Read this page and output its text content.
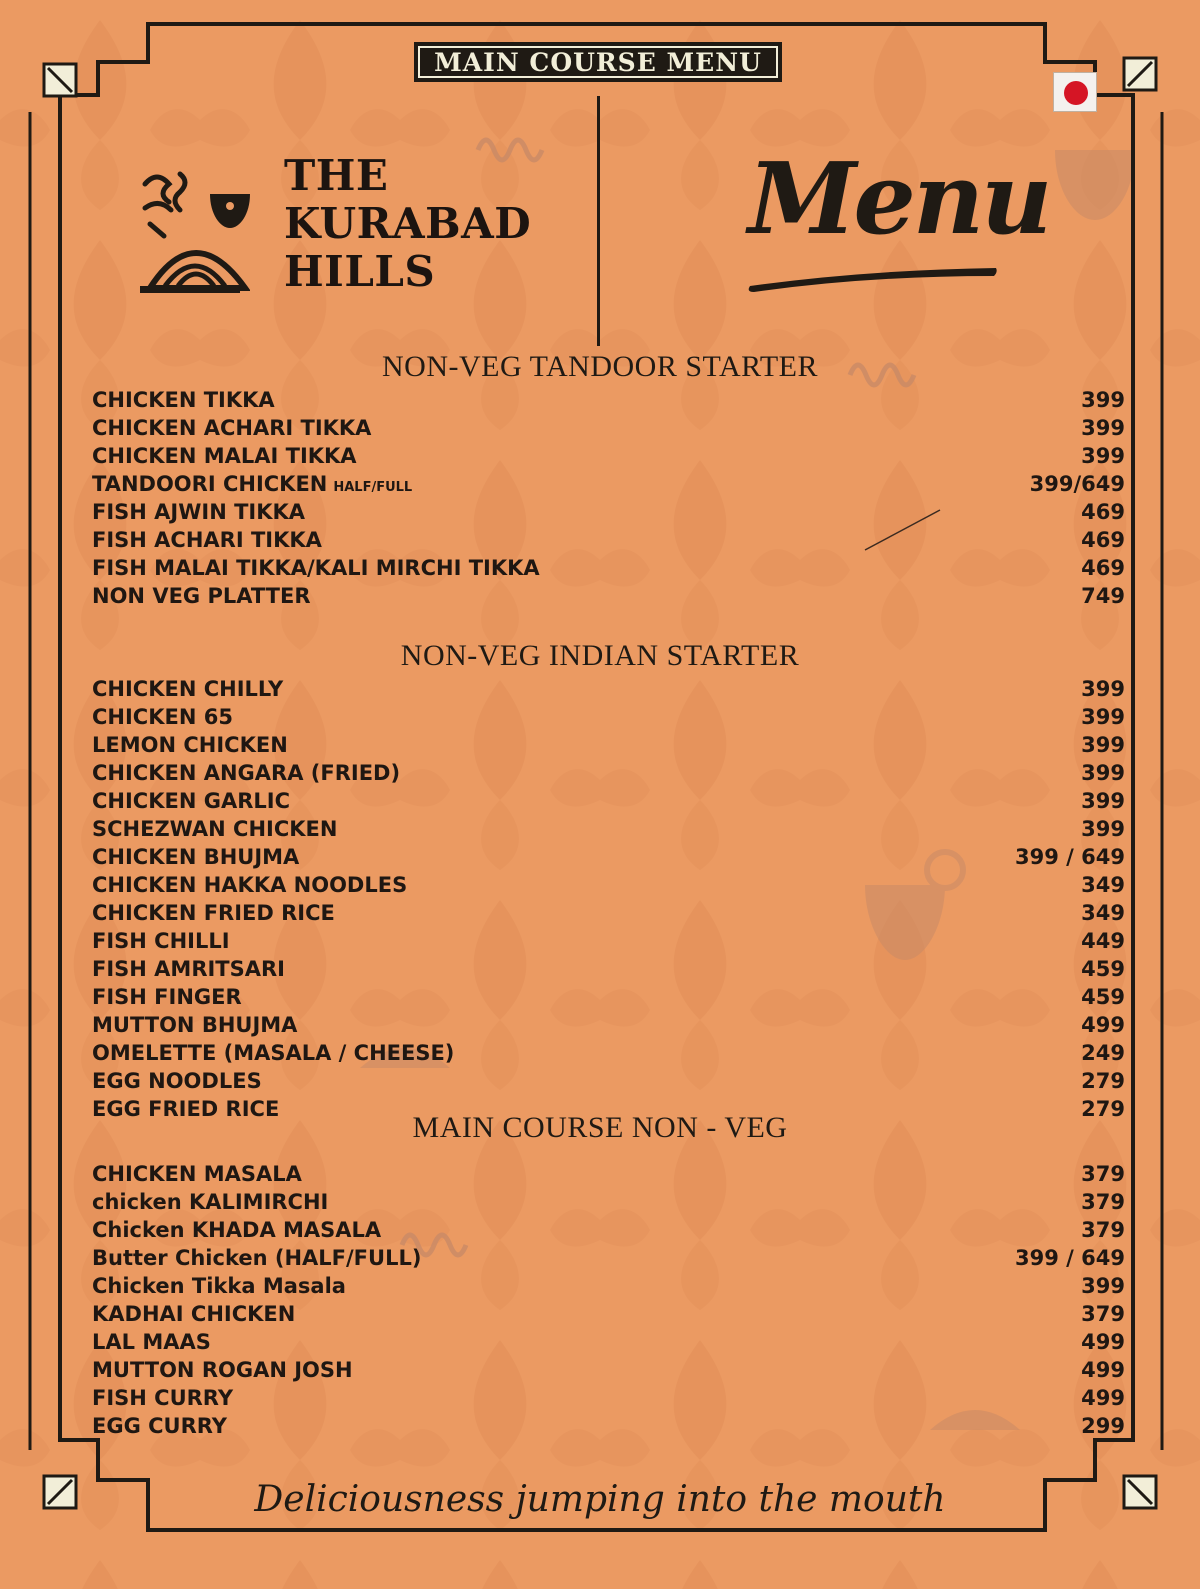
MAIN COURSE MENU
THE
KURABAD
HILLS
Menu
NON-VEG TANDOOR STARTER
CHICKEN TIKKA	399
CHICKEN ACHARI TIKKA	399
CHICKEN MALAI TIKKA	399
TANDOORI CHICKEN HALF/FULL	399/649
FISH AJWIN TIKKA	469
FISH ACHARI TIKKA	469
FISH MALAI TIKKA/KALI MIRCHI TIKKA	469
NON VEG PLATTER	749
NON-VEG INDIAN STARTER
CHICKEN CHILLY	399
CHICKEN 65	399
LEMON CHICKEN	399
CHICKEN ANGARA (FRIED)	399
CHICKEN GARLIC	399
SCHEZWAN CHICKEN	399
CHICKEN BHUJMA	399 / 649
CHICKEN HAKKA NOODLES	349
CHICKEN FRIED RICE	349
FISH CHILLI	449
FISH AMRITSARI	459
FISH FINGER	459
MUTTON BHUJMA	499
OMELETTE (MASALA / CHEESE)	249
EGG NOODLES	279
EGG FRIED RICE	279
MAIN COURSE NON - VEG
CHICKEN MASALA	379
chicken KALIMIRCHI	379
Chicken KHADA MASALA	379
Butter Chicken (HALF/FULL)	399 / 649
Chicken Tikka Masala	399
KADHAI CHICKEN	379
LAL MAAS	499
MUTTON ROGAN JOSH	499
FISH CURRY	499
EGG CURRY	299
Deliciousness jumping into the mouth
